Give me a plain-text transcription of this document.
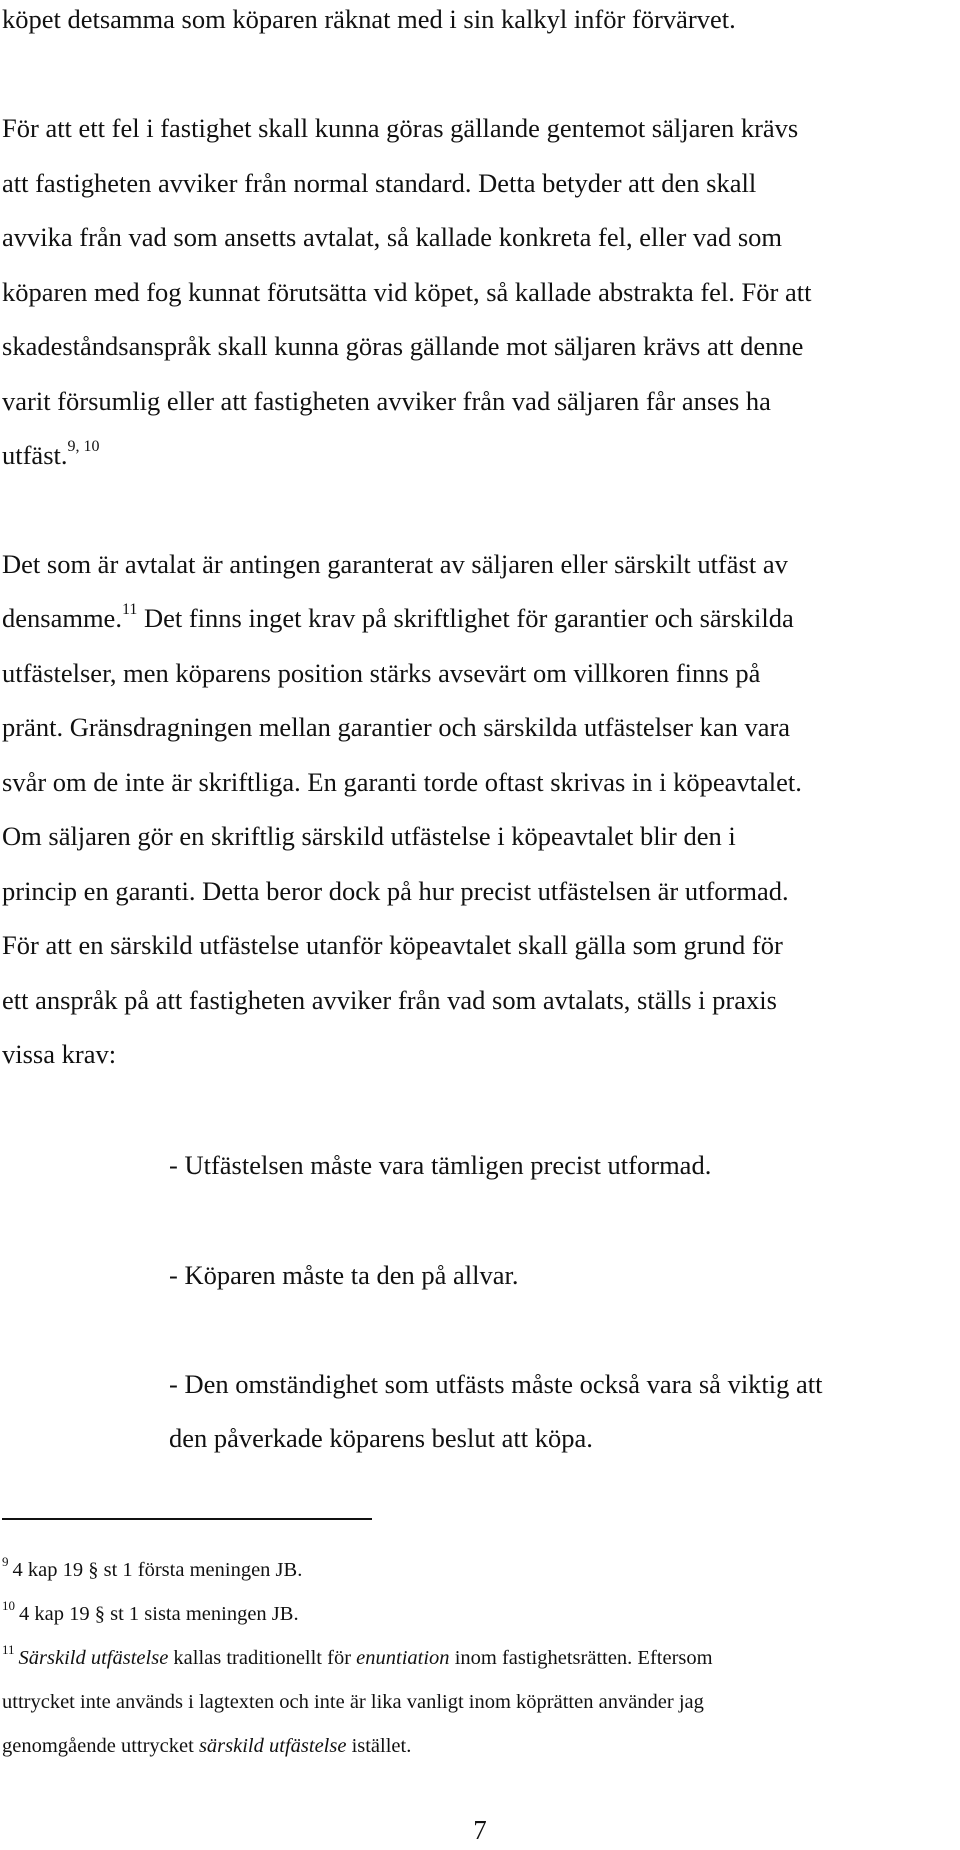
köpet detsamma som köparen räknat med i sin kalkyl inför förvärvet.

För att ett fel i fastighet skall kunna göras gällande gentemot säljaren krävs

att fastigheten avviker från normal standard. Detta betyder att den skall

avvika från vad som ansetts avtalat, så kallade konkreta fel, eller vad som

köparen med fog kunnat förutsätta vid köpet, så kallade abstrakta fel. För att

skadeståndsanspråk skall kunna göras gällande mot säljaren krävs att denne

varit försumlig eller att fastigheten avviker från vad säljaren får anses ha

utfäst.$^{9, 10}$

Det som är avtalat är antingen garanterat av säljaren eller särskilt utfäst av

densamme.$^{11}$ Det finns inget krav på skriftlighet för garantier och särskilda

utfästelser, men köparens position stärks avsevärt om villkoren finns på

pränt. Gränsdragningen mellan garantier och särskilda utfästelser kan vara

svår om de inte är skriftliga. En garanti torde oftast skrivas in i köpeavtalet.

Om säljaren gör en skriftlig särskild utfästelse i köpeavtalet blir den i

princip en garanti. Detta beror dock på hur precist utfästelsen är utformad.

För att en särskild utfästelse utanför köpeavtalet skall gälla som grund för

ett anspråk på att fastigheten avviker från vad som avtalats, ställs i praxis

vissa krav:

- Utfästelsen måste vara tämligen precist utformad.

- Köparen måste ta den på allvar.

- Den omständighet som utfästs måste också vara så viktig att

den påverkade köparens beslut att köpa.

$^9$ 4 kap 19 § st 1 första meningen JB.

$^{10}$ 4 kap 19 § st 1 sista meningen JB.

$^{11}$ Särskild utfästelse kallas traditionellt för enuntiation inom fastighetsrätten. Eftersom

uttrycket inte används i lagtexten och inte är lika vanligt inom köprätten använder jag

genomgående uttrycket särskild utfästelse istället.

7
